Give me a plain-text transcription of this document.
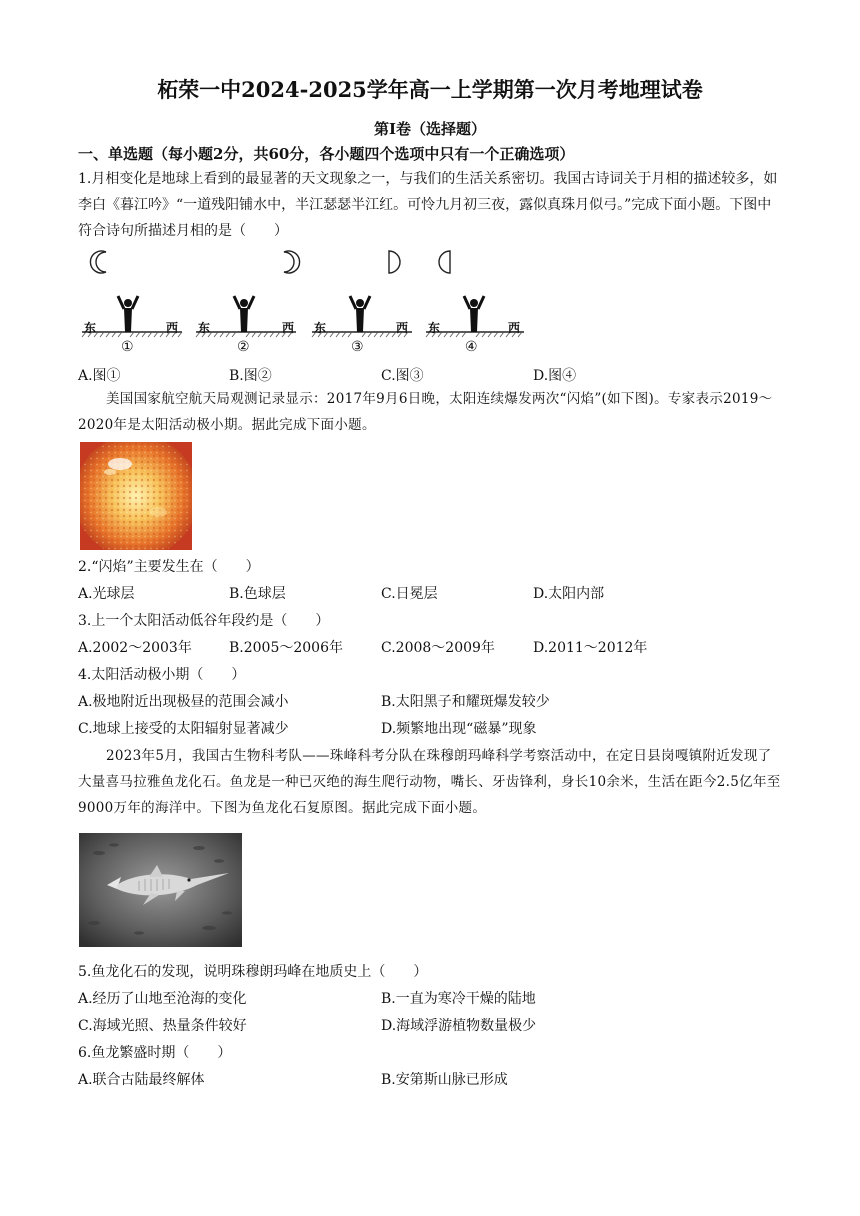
柘荣一中2024-2025学年高一上学期第一次月考地理试卷
第Ⅰ卷（选择题）
一、单选题（每小题2分，共60分，各小题四个选项中只有一个正确选项）
1.月相变化是地球上看到的最显著的天文现象之一，与我们的生活关系密切。我国古诗词关于月相的描述较多，如李白《暮江吟》“一道残阳铺水中，半江瑟瑟半江红。可怜九月初三夜，露似真珠月似弓。”完成下面小题。下图中符合诗句所描述月相的是（　　）
东	西 东	西 东	西 东	西
①	②	③	④
A.图①	B.图②	C.图③	D.图④
美国国家航空航天局观测记录显示：2017年9月6日晚，太阳连续爆发两次“闪焰”(如下图)。专家表示2019～2020年是太阳活动极小期。据此完成下面小题。
2.“闪焰”主要发生在（　　）
A.光球层	B.色球层	C.日冕层	D.太阳内部
3.上一个太阳活动低谷年段约是（　　）
A.2002～2003年	B.2005～2006年	C.2008～2009年	D.2011～2012年
4.太阳活动极小期（　　）
A.极地附近出现极昼的范围会减小	B.太阳黑子和耀斑爆发较少
C.地球上接受的太阳辐射显著减少	D.频繁地出现“磁暴”现象
2023年5月，我国古生物科考队——珠峰科考分队在珠穆朗玛峰科学考察活动中，在定日县岗嘎镇附近发现了大量喜马拉雅鱼龙化石。鱼龙是一种已灭绝的海生爬行动物，嘴长、牙齿锋利，身长10余米，生活在距今2.5亿年至9000万年的海洋中。下图为鱼龙化石复原图。据此完成下面小题。
5.鱼龙化石的发现，说明珠穆朗玛峰在地质史上（　　）
A.经历了山地至沧海的变化	B.一直为寒冷干燥的陆地
C.海域光照、热量条件较好	D.海域浮游植物数量极少
6.鱼龙繁盛时期（　　）
A.联合古陆最终解体	B.安第斯山脉已形成
